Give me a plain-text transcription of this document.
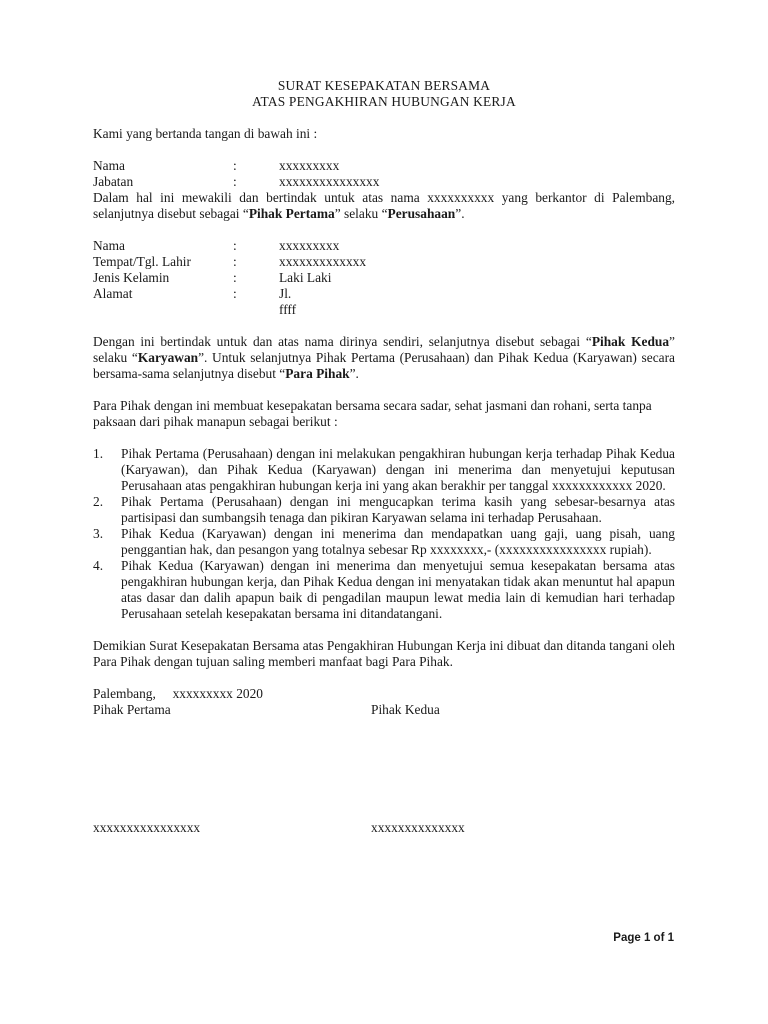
SURAT KESEPAKATAN BERSAMA
ATAS PENGAKHIRAN HUBUNGAN KERJA

Kami yang bertanda tangan di bawah ini :

Nama	:	xxxxxxxxx
Jabatan	:	xxxxxxxxxxxxxxx

Dalam hal ini mewakili dan bertindak untuk atas nama xxxxxxxxxx yang berkantor di Palembang, selanjutnya disebut sebagai “Pihak Pertama” selaku “Perusahaan”.

Nama	:	xxxxxxxxx
Tempat/Tgl. Lahir	:	xxxxxxxxxxxxx
Jenis Kelamin	:	Laki Laki
Alamat	:	Jl.
ffff

Dengan ini bertindak untuk dan atas nama dirinya sendiri, selanjutnya disebut sebagai “Pihak Kedua” selaku “Karyawan”. Untuk selanjutnya Pihak Pertama (Perusahaan) dan Pihak Kedua (Karyawan) secara bersama-sama selanjutnya disebut “Para Pihak”.

Para Pihak dengan ini membuat kesepakatan bersama secara sadar, sehat jasmani dan rohani, serta tanpa paksaan dari pihak manapun sebagai berikut :

1.	Pihak Pertama (Perusahaan) dengan ini melakukan pengakhiran hubungan kerja terhadap Pihak Kedua (Karyawan), dan Pihak Kedua (Karyawan) dengan ini menerima dan menyetujui keputusan Perusahaan atas pengakhiran hubungan kerja ini yang akan berakhir per tanggal xxxxxxxxxxxx 2020.
2.	Pihak Pertama (Perusahaan) dengan ini mengucapkan terima kasih yang sebesar-besarnya atas partisipasi dan sumbangsih tenaga dan pikiran Karyawan selama ini terhadap Perusahaan.
3.	Pihak Kedua (Karyawan) dengan ini menerima dan mendapatkan uang gaji, uang pisah, uang penggantian hak, dan pesangon yang totalnya sebesar Rp xxxxxxxx,- (xxxxxxxxxxxxxxxx rupiah).
4.	Pihak Kedua (Karyawan) dengan ini menerima dan menyetujui semua kesepakatan bersama atas pengakhiran hubungan kerja, dan Pihak Kedua dengan ini menyatakan tidak akan menuntut hal apapun atas dasar dan dalih apapun baik di pengadilan maupun lewat media lain di kemudian hari terhadap Perusahaan setelah kesepakatan bersama ini ditandatangani.

Demikian Surat Kesepakatan Bersama atas Pengakhiran Hubungan Kerja ini dibuat dan ditanda tangani oleh Para Pihak dengan tujuan saling memberi manfaat bagi Para Pihak.

Palembang,     xxxxxxxxx 2020

Pihak Pertama	Pihak Kedua
xxxxxxxxxxxxxxxx	xxxxxxxxxxxxxx
Page 1 of 1
